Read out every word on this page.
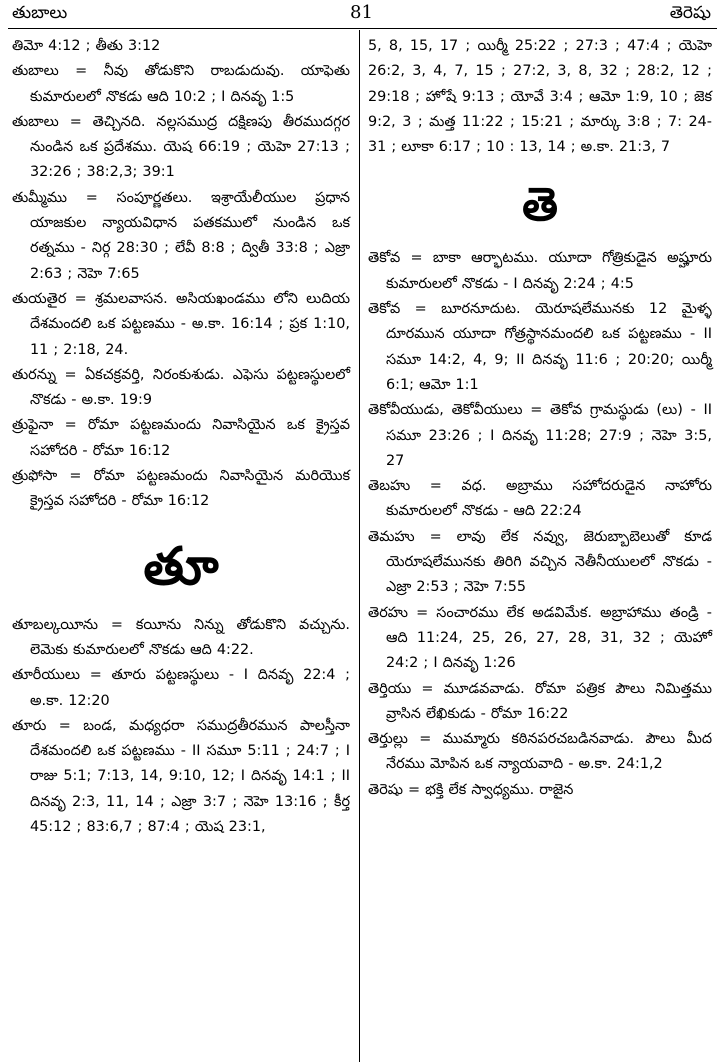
తుబాలు	81	తెరెషు
తిమో 4:12 ; తీతు 3:12
తుబాలు = నీవు తోడుకొని రాబడుదువు. యాఫెతు కుమారులలో నొకడు ఆది 10:2 ; I దినవృ 1:5
తుబాలు = తెచ్చినది. నల్లసముద్ర దక్షిణపు తీరముదగ్గర నుండిన ఒక ప్రదేశము. యెష 66:19 ; యెహె 27:13 ; 32:26 ; 38:2,3; 39:1
తుమ్మీము = సంపూర్ణతలు. ఇశ్రాయేలీయుల ప్రధాన యాజకుల న్యాయవిధాన పతకములో నుండిన ఒక రత్నము - నిర్గ 28:30 ; లేవీ 8:8 ; ద్వితీ 33:8 ; ఎజ్రా 2:63 ; నెహె 7:65
తుయతైర = శ్రమలవాసన. అసియఖండము లోని లుదియ దేశమందలి ఒక పట్టణము - అ.కా. 16:14 ; ప్రక 1:10, 11 ; 2:18, 24.
తురన్ను = ఏకచక్రవర్తి, నిరంకుశుడు. ఎఫెసు పట్టణస్థులలో నొకడు - అ.కా. 19:9
త్రుఫైనా = రోమా పట్టణమందు నివాసియైన ఒక క్రైస్తవ సహోదరి - రోమా 16:12
త్రుఫోసా = రోమా పట్టణమందు నివాసియైన మరియొక క్రైస్తవ సహోదరి - రోమా 16:12
తూ
తూబల్కయీను = కయీను నిన్ను తోడుకొని వచ్చును. లెమెకు కుమారులలో నొకడు ఆది 4:22.
తూరీయులు = తూరు పట్టణస్థులు - I దినవృ 22:4 ; అ.కా. 12:20
తూరు = బండ, మధ్యధరా సముద్రతీరమున పాలస్తీనా దేశమందలి ఒక పట్టణము - II సమూ 5:11 ; 24:7 ; I రాజు 5:1; 7:13, 14, 9:10, 12; I దినవృ 14:1 ; II దినవృ 2:3, 11, 14 ; ఎజ్రా 3:7 ; నెహె 13:16 ; కీర్త 45:12 ; 83:6,7 ; 87:4 ; యెష 23:1,
5, 8, 15, 17 ; యిర్మీ 25:22 ; 27:3 ; 47:4 ; యెహె 26:2, 3, 4, 7, 15 ; 27:2, 3, 8, 32 ; 28:2, 12 ; 29:18 ; హోషే 9:13 ; యోవే 3:4 ; ఆమో 1:9, 10 ; జెక 9:2, 3 ; మత్త 11:22 ; 15:21 ; మార్కు 3:8 ; 7: 24-31 ; లూకా 6:17 ; 10 : 13, 14 ; అ.కా. 21:3, 7
తె
తెకోవ = బాకా ఆర్భాటము. యూదా గోత్రికుడైన అష్హూరు కుమారులలో నొకడు - I దినవృ 2:24 ; 4:5
తెకోవ = బూరనూదుట. యెరూషలేమునకు 12 మైళ్ళ దూరమున యూదా గోత్రస్థానమందలి ఒక పట్టణము - II సమూ 14:2, 4, 9; II దినవృ 11:6 ; 20:20; యిర్మీ 6:1; ఆమో 1:1
తెకోవీయుడు, తెకోవీయులు = తెకోవ గ్రామస్థుడు (లు) - II సమూ 23:26 ; I దినవృ 11:28; 27:9 ; నెహె 3:5, 27
తెబహు = వధ. అబ్రాము సహోదరుడైన నాహోరు కుమారులలో నొకడు - ఆది 22:24
తెమహు = లావు లేక నవ్వు, జెరుబ్బాబెలుతో కూడ యెరూషలేమునకు తిరిగి వచ్చిన నెతీనీయులలో నొకడు - ఎజ్రా 2:53 ; నెహె 7:55
తెరహు = సంచారము లేక అడవిమేక. అబ్రాహాము తండ్రి - ఆది 11:24, 25, 26, 27, 28, 31, 32 ; యెహో 24:2 ; I దినవృ 1:26
తెర్తియు = మూడవవాడు. రోమా పత్రిక పౌలు నిమిత్తము వ్రాసిన లేఖికుడు - రోమా 16:22
తెర్తుల్లు = ముమ్మారు కఠినపరచబడినవాడు. పౌలు మీద నేరము మోపిన ఒక న్యాయవాది - అ.కా. 24:1,2
తెరెషు = భక్తి లేక స్వాధ్యము. రాజైన
